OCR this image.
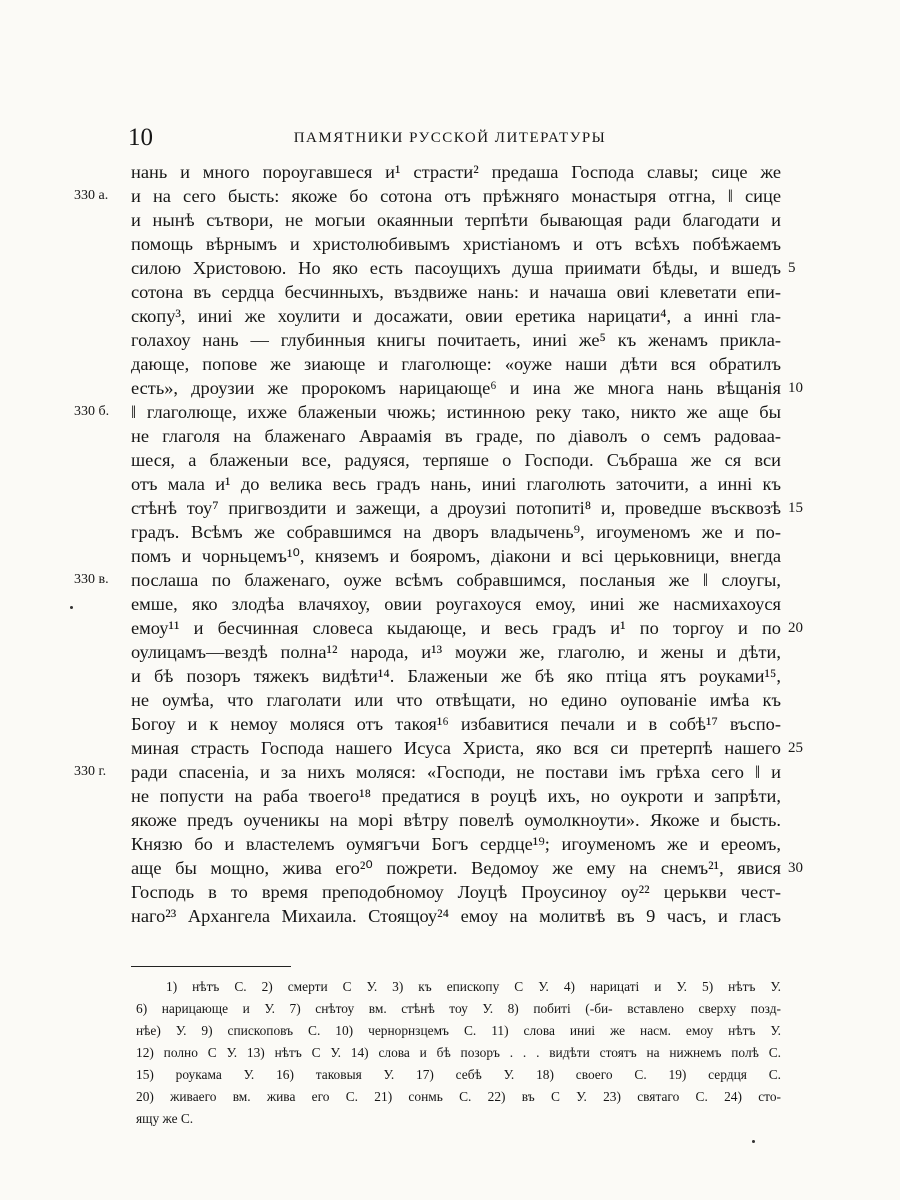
10	ПАМЯТНИКИ РУССКОЙ ЛИТЕРАТУРЫ
нань и много пороугавшеся и¹ страсти² предаша Господа славы; сице же
и на сего бысть: якоже бо сотона отъ прѣжняго монастыря отгна, ‖ сице
и нынѣ сътвори, не могыи окаянныи терпѣти бывающая ради благодати и
помощь вѣрнымъ и христолюбивымъ христіаномъ и отъ всѣхъ побѣжаемъ
силою Христовою. Но яко есть пасоущихъ душа приимати бѣды, и вшедъ
сотона въ сердца бесчинныхъ, въздвиже нань: и начаша овиі клеветати епи-
скопу³, иниі же хоулити и досажати, овии еретика нарицати⁴, а инні гла-
голахоу нань — глубинныя книгы почитаеть, иниі же⁵ къ женамъ прикла-
дающе, попове же зиающе и глаголюще: «оуже наши дѣти вся обратилъ
есть», дроузии же пророкомъ нарицающе⁶ и ина же многа нань вѣщанія
‖ глаголюще, ихже блаженыи чюжь; истинною реку тако, никто же аще бы
не глаголя на блаженаго Авраамія въ граде, по діаволъ о семъ радоваа-
шеся, а блаженыи все, радуяся, терпяше о Господи. Събраша же ся вси
отъ мала и¹ до велика весь градъ нань, иниі глаголють заточити, а инні къ
стѣнѣ тоу⁷ пригвоздити и зажещи, а дроузиі потопиті⁸ и, проведше въсквозѣ
градъ. Всѣмъ же собравшимся на дворъ владычень⁹, игоуменомъ же и по-
помъ и чорньцемъ¹⁰, княземъ и бояромъ, діакони и всі церьковници, внегда
послаша по блаженаго, оуже всѣмъ собравшимся, посланыя же ‖ слоугы,
емше, яко злодѣа влачяхоу, овии роугахоуся емоу, иниі же насмихахоуся
емоу¹¹ и бесчинная словеса кыдающе, и весь градъ и¹ по торгоу и по
оулицамъ—вездѣ полна¹² народа, и¹³ моужи же, глаголю, и жены и дѣти,
и бѣ позоръ тяжекъ видѣти¹⁴. Блаженыи же бѣ яко птіца ятъ роуками¹⁵,
не оумѣа, что глаголати или что отвѣщати, но едино оупованіе имѣа къ
Богоу и к немоу моляся отъ такоя¹⁶ избавитися печали и в собѣ¹⁷ въспо-
миная страсть Господа нашего Исуса Христа, яко вся си претерпѣ нашего
ради спасеніа, и за нихъ моляся: «Господи, не постави імъ грѣха сего ‖ и
не попусти на раба твоего¹⁸ предатися в роуцѣ ихъ, но оукроти и запрѣти,
якоже предъ оученикы на морі вѣтру повелѣ оумолкноути». Якоже и бысть.
Князю бо и властелемъ оумягъчи Богъ сердце¹⁹; игоуменомъ же и ереомъ,
аще бы мощно, жива его²⁰ пожрети. Ведомоу же ему на снемъ²¹, явися
Господь в то время преподобномоу Лоуцѣ Проусиноу оу²² церькви чест-
наго²³ Архангела Михаила. Стоящоу²⁴ емоу на молитвѣ въ 9 часъ, и гласъ
5
10
15
20
25
30
330 а.
330 б.
330 в.
330 г.
1) нѣтъ С. 2) смерти С У. 3) къ епископу С У. 4) нарицаті и У. 5) нѣтъ У.
6) нарицающе и У. 7) снѣтоу вм. стѣнѣ тоу У. 8) побиті (-би- вставлено сверху позд-
нѣе) У. 9) спископовъ С. 10) чернорнзцемъ С. 11) слова иниі же насм. емоу нѣтъ У.
12) полно С У. 13) нѣтъ С У. 14) слова и бѣ позоръ . . . видѣти стоятъ на нижнемъ полѣ С.
15) роукама У. 16) таковыя У. 17) себѣ У. 18) своего С. 19) сердця С.
20) живаего вм. жива его С. 21) сонмь С. 22) въ С У. 23) святаго С. 24) сто-
ящу же С.
